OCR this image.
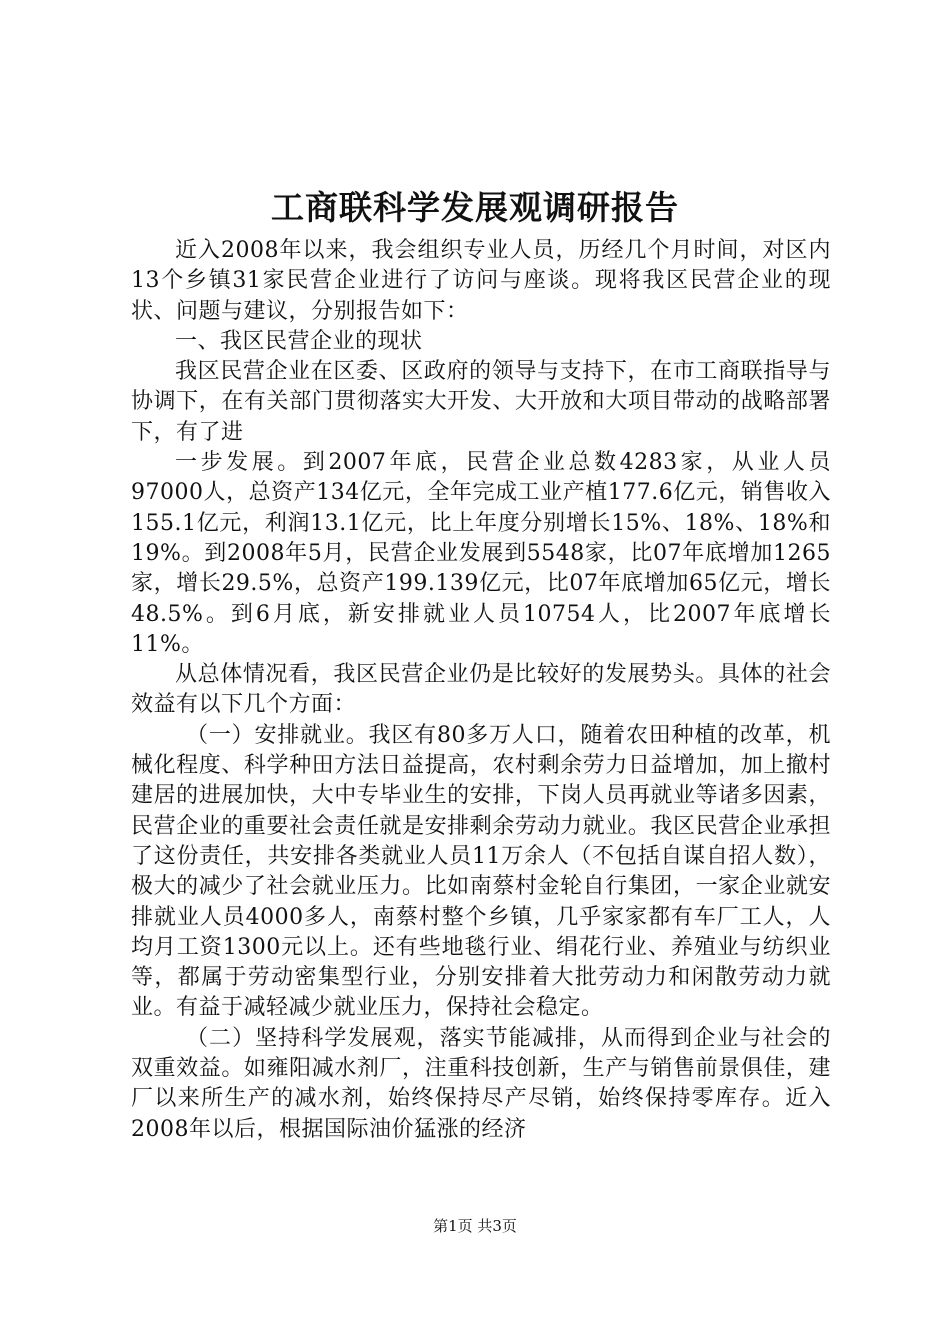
工商联科学发展观调研报告

近入2008年以来，我会组织专业人员，历经几个月时间，对区内13个乡镇31家民营企业进行了访问与座谈。现将我区民营企业的现状、问题与建议，分别报告如下：

一、我区民营企业的现状

我区民营企业在区委、区政府的领导与支持下，在市工商联指导与协调下，在有关部门贯彻落实大开发、大开放和大项目带动的战略部署下，有了进

一步发展。到2007年底，民营企业总数4283家，从业人员97000人，总资产134亿元，全年完成工业产植177.6亿元，销售收入155.1亿元，利润13.1亿元，比上年度分别增长15%、18%、18%和19%。到2008年5月，民营企业发展到5548家，比07年底增加1265家，增长29.5%，总资产199.139亿元，比07年底增加65亿元，增长48.5%。到6月底，新安排就业人员10754人，比2007年底增长11%。

从总体情况看，我区民营企业仍是比较好的发展势头。具体的社会效益有以下几个方面：

（一）安排就业。我区有80多万人口，随着农田种植的改革，机械化程度、科学种田方法日益提高，农村剩余劳力日益增加，加上撤村建居的进展加快，大中专毕业生的安排，下岗人员再就业等诸多因素，民营企业的重要社会责任就是安排剩余劳动力就业。我区民营企业承担了这份责任，共安排各类就业人员11万余人（不包括自谋自招人数），极大的减少了社会就业压力。比如南蔡村金轮自行集团，一家企业就安排就业人员4000多人，南蔡村整个乡镇，几乎家家都有车厂工人，人均月工资1300元以上。还有些地毯行业、绢花行业、养殖业与纺织业等，都属于劳动密集型行业，分别安排着大批劳动力和闲散劳动力就业。有益于减轻减少就业压力，保持社会稳定。

（二）坚持科学发展观，落实节能减排，从而得到企业与社会的双重效益。如雍阳减水剂厂，注重科技创新，生产与销售前景俱佳，建厂以来所生产的减水剂，始终保持尽产尽销，始终保持零库存。近入2008年以后，根据国际油价猛涨的经济

第1页 共3页
